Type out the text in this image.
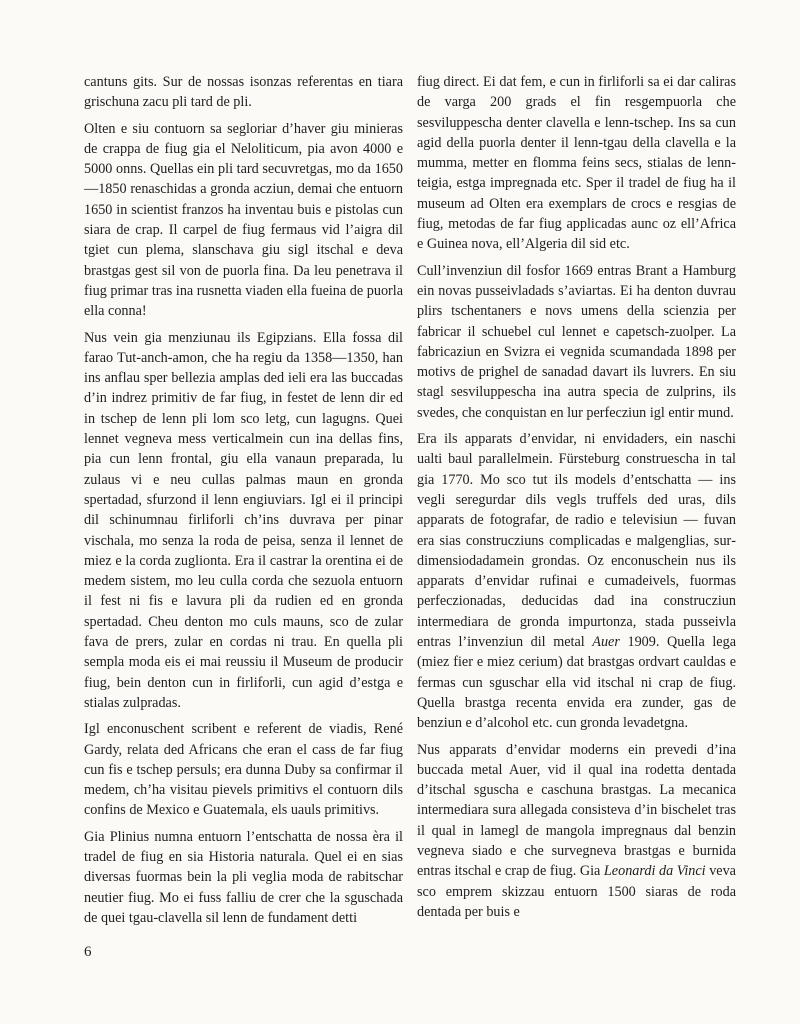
cantuns gits. Sur de nossas isonzas referentas en tiara grischuna zacu pli tard de pli.

Olten e siu contuorn sa segloriar d’haver giu minieras de crappa de fiug gia el Neloliticum, pia avon 4000 e 5000 onns. Quellas ein pli tard secuvretgas, mo da 1650—1850 renaschidas a gronda acziun, demai che entuorn 1650 in scientist franzos ha inventau buis e pistolas cun siara de crap. Il carpel de fiug fermaus vid l’aigra dil tgiet cun plema, slanschava giu sigl itschal e deva brastgas gest sil von de puorla fina. Da leu penetrava il fiug primar tras ina rusnetta viaden ella fueina de puorla ella conna!

Nus vein gia menziunau ils Egipzians. Ella fossa dil farao Tut-anch-amon, che ha regiu da 1358—1350, han ins anflau sper bellezia amplas ded ieli era las buccadas d’in indrez primitiv de far fiug, in festet de lenn dir ed in tschep de lenn pli lom sco letg, cun lagugns. Quei lennet vegneva mess verticalmein cun ina dellas fins, pia cun lenn frontal, giu ella vanaun preparada, lu zulaus vi e neu cullas palmas maun en gronda spertadad, sfurzond il lenn engiuviars. Igl ei il principi dil schinumnau firliforli ch’ins duvrava per pinar vischala, mo senza la roda de peisa, senza il lennet de miez e la corda zuglionta. Era il castrar la orentina ei de medem sistem, mo leu culla corda che sezuola entuorn il fest ni fis e lavura pli da rudien ed en gronda spertadad. Cheu denton mo culs mauns, sco de zular fava de prers, zular en cordas ni trau. En quella pli sempla moda eis ei mai reussiu il Museum de producir fiug, bein denton cun in firliforli, cun agid d’estga e stialas zulpradas.

Igl enconuschent scribent e referent de viadis, René Gardy, relata ded Africans che eran el cass de far fiug cun fis e tschep persuls; era dunna Duby sa confirmar il medem, ch’ha visitau pievels primitivs el contuorn dils confins de Mexico e Guatemala, els uauls primitivs.

Gia Plinius numna entuorn l’entschatta de nossa èra il tradel de fiug en sia Historia naturala. Quel ei en sias diversas fuormas bein la pli veglia moda de rabitschar neutier fiug. Mo ei fuss falliu de crer che la sguschada de quei tgau-clavella sil lenn de fundament detti

fiug direct. Ei dat fem, e cun in firliforli sa ei dar caliras de varga 200 grads el fin resgempuorla che sesviluppescha denter clavella e lenn-tschep. Ins sa cun agid della puorla denter il lenn-tgau della clavella e la mumma, metter en flomma feins secs, stialas de lennteigia, estga impregnada etc. Sper il tradel de fiug ha il museum ad Olten era exemplars de crocs e resgias de fiug, metodas de far fiug applicadas aunc oz ell’Africa e Guinea nova, ell’Algeria dil sid etc.

Cull’invenziun dil fosfor 1669 entras Brant a Hamburg ein novas pusseivladads s’aviartas. Ei ha denton duvrau plirs tschentaners e novs umens della scienzia per fabricar il schuebel cul lennet e capetsch-zuolper. La fabricaziun en Svizra ei vegnida scumandada 1898 per motivs de prighel de sanadad davart ils luvrers. En siu stagl sesviluppescha ina autra specia de zulprins, ils svedes, che conquistan en lur perfecziun igl entir mund.

Era ils apparats d’envidar, ni envidaders, ein naschi ualti baul parallelmein. Fürsteburg construescha in tal gia 1770. Mo sco tut ils models d’entschatta — ins vegli seregurdar dils vegls truffels ded uras, dils apparats de fotografar, de radio e televisiun — fuvan era sias construcziuns complicadas e malgenglias, surdimensiodadamein grondas. Oz enconuschein nus ils apparats d’envidar rufinai e cumadeivels, fuormas perfeczionadas, deducidas dad ina construcziun intermediara de gronda impurtonza, stada pusseivla entras l’invenziun dil metal Auer 1909. Quella lega (miez fier e miez cerium) dat brastgas ordvart cauldas e fermas cun sguschar ella vid itschal ni crap de fiug. Quella brastga recenta envida era zunder, gas de benziun e d’alcohol etc. cun gronda levadetgna.

Nus apparats d’envidar moderns ein prevedi d’ina buccada metal Auer, vid il qual ina rodetta dentada d’itschal sguscha e caschuna brastgas. La mecanica intermediara sura allegada consisteva d’in bischelet tras il qual in lamegl de mangola impregnaus dal benzin vegneva siado e che survegneva brastgas e burnida entras itschal e crap de fiug. Gia Leonardi da Vinci veva sco emprem skizzau entuorn 1500 siaras de roda dentada per buis e

6
